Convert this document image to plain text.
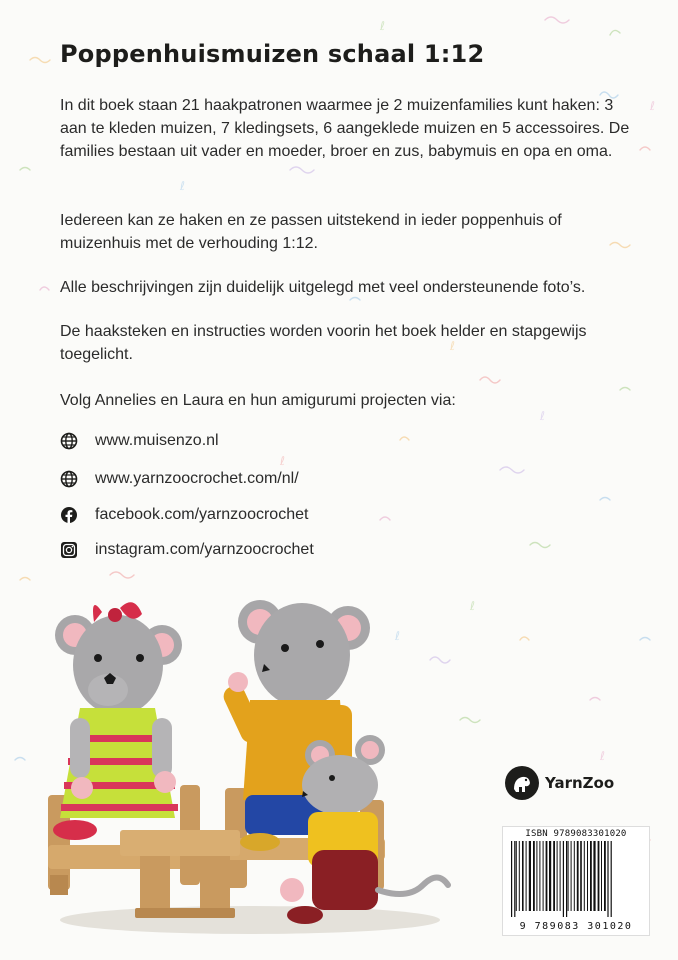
ℓ
ℓ
ℓ
ℓ
ℓ
ℓ
ℓ
ℓ
ℓ
Poppenhuismuizen schaal 1:12
In dit boek staan 21 haakpatronen waarmee je 2 muizenfamilies kunt haken: 3 aan te kleden muizen, 7 kledingsets, 6 aangeklede muizen en 5 accessoires. De families bestaan uit vader en moeder, broer en zus, babymuis en opa en oma.
Iedereen kan ze haken en ze passen uitstekend in ieder poppenhuis of muizenhuis met de verhouding 1:12.
Alle beschrijvingen zijn duidelijk uitgelegd met veel ondersteunende foto’s.
De haaksteken en instructies worden voorin het boek helder en stapgewijs toegelicht.
Volg Annelies en Laura en hun amigurumi projecten via:
www.muisenzo.nl
www.yarnzoocrochet.com/nl/
facebook.com/yarnzoocrochet
instagram.com/yarnzoocrochet
YarnZoo
ISBN 9789083301020
9 789083 301020
